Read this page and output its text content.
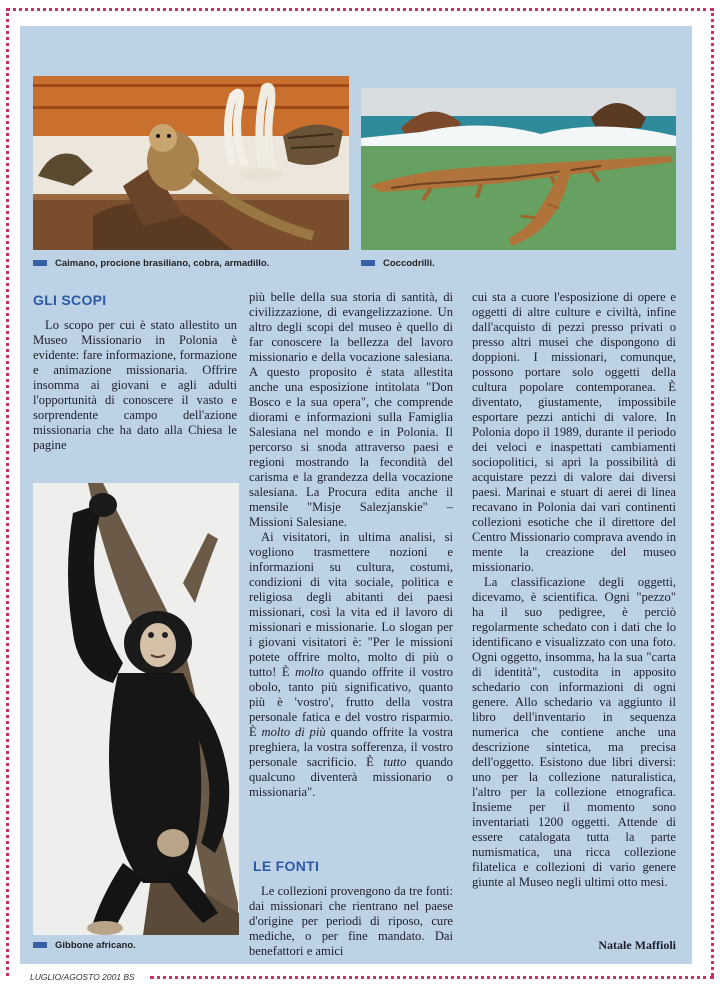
Caimano, procione brasiliano, cobra, armadillo.	Coccodrilli.
Gibbone africano.
GLI SCOPI

Lo scopo per cui è stato allestito un Museo Missionario in Polonia è evidente: fare informazione, formazione e animazione missionaria. Offrire insomma ai giovani e agli adulti l'opportunità di conoscere il vasto e sorprendente campo dell'azione missionaria che ha dato alla Chiesa le pagine

più belle della sua storia di santità, di civilizzazione, di evangelizzazione. Un altro degli scopi del museo è quello di far conoscere la bellezza del lavoro missionario e della vocazione salesiana. A questo proposito è stata allestita anche una esposizione intitolata "Don Bosco e la sua opera", che comprende diorami e informazioni sulla Famiglia Salesiana nel mondo e in Polonia. Il percorso si snoda attraverso paesi e regioni mostrando la fecondità del carisma e la grandezza della vocazione salesiana. La Procura edita anche il mensile "Misje Salezjanskie" – Missioni Salesiane.

Ai visitatori, in ultima analisi, si vogliono trasmettere nozioni e informazioni su cultura, costumi, condizioni di vita sociale, politica e religiosa degli abitanti dei paesi missionari, così la vita ed il lavoro di missionari e missionarie. Lo slogan per i giovani visitatori è: "Per le missioni potete offrire molto, molto di più o tutto! È molto quando offrite il vostro obolo, tanto più significativo, quanto più è 'vostro', frutto della vostra personale fatica e del vostro risparmio. È molto di più quando offrite la vostra preghiera, la vostra sofferenza, il vostro personale sacrificio. È tutto quando qualcuno diventerà missionario o missionaria".

LE FONTI

Le collezioni provengono da tre fonti: dai missionari che rientrano nel paese d'origine per periodi di riposo, cure mediche, o per fine mandato. Dai benefattori e amici

cui sta a cuore l'esposizione di opere e oggetti di altre culture e civiltà, infine dall'acquisto di pezzi presso privati o presso altri musei che dispongono di doppioni. I missionari, comunque, possono portare solo oggetti della cultura popolare contemporanea. È diventato, giustamente, impossibile esportare pezzi antichi di valore. In Polonia dopo il 1989, durante il periodo dei veloci e inaspettati cambiamenti sociopolitici, si aprì la possibilità di acquistare pezzi di valore dai diversi paesi. Marinai e stuart di aerei di linea recavano in Polonia dai vari continenti collezioni esotiche che il direttore del Centro Missionario comprava avendo in mente la creazione del museo missionario.

La classificazione degli oggetti, dicevamo, è scientifica. Ogni "pezzo" ha il suo pedigree, è perciò regolarmente schedato con i dati che lo identificano e visualizzato con una foto. Ogni oggetto, insomma, ha la sua "carta di identità", custodita in apposito schedario con informazioni di ogni genere. Allo schedario va aggiunto il libro dell'inventario in sequenza numerica che contiene anche una descrizione sintetica, ma precisa dell'oggetto. Esistono due libri diversi: uno per la collezione naturalistica, l'altro per la collezione etnografica. Insieme per il momento sono inventariati 1200 oggetti. Attende di essere catalogata tutta la parte numismatica, una ricca collezione filatelica e collezioni di vario genere giunte al Museo negli ultimi otto mesi.

Natale Maffioli
LUGLIO/AGOSTO 2001 BS
